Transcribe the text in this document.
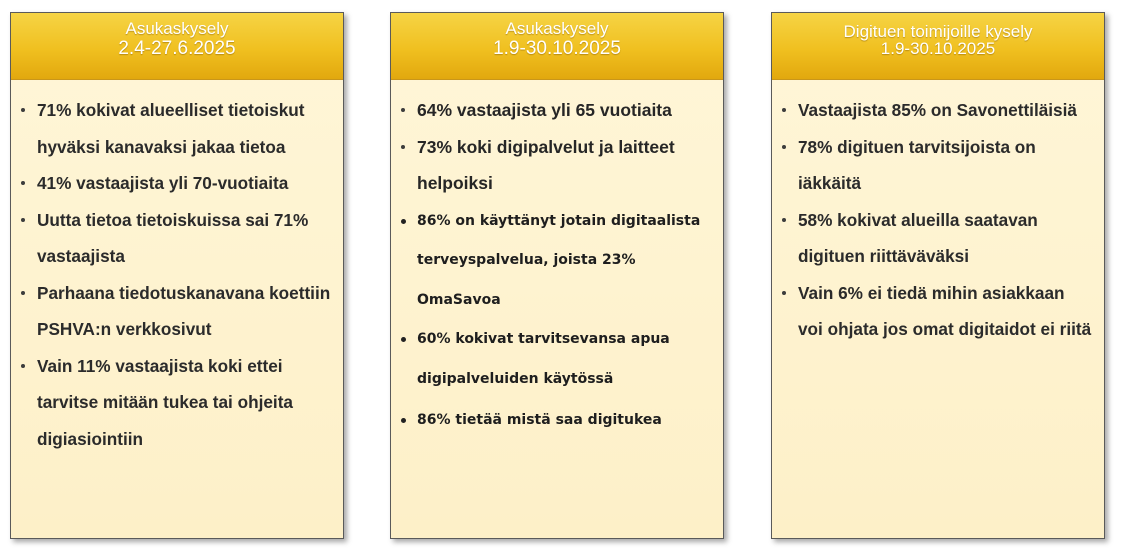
Asukaskysely
2.4-27.6.2025
71% kokivat alueelliset tietoiskut hyväksi kanavaksi jakaa tietoa
41% vastaajista yli 70-vuotiaita
Uutta tietoa tietoiskuissa sai 71% vastaajista
Parhaana tiedotuskanavana koettiin PSHVA:n verkkosivut
Vain 11% vastaajista koki ettei tarvitse mitään tukea tai ohjeita digiasiointiin
Asukaskysely
1.9-30.10.2025
64% vastaajista yli 65 vuotiaita
73% koki digipalvelut ja laitteet helpoiksi
86% on käyttänyt jotain digitaalista terveyspalvelua, joista 23% OmaSavoa
60% kokivat tarvitsevansa apua digipalveluiden käytössä
86% tietää mistä saa digitukea
Digituen toimijoille kysely
1.9-30.10.2025
Vastaajista 85% on Savonettiläisiä
78% digituen tarvitsijoista on iäkkäitä
58% kokivat alueilla saatavan digituen riittäväväksi
Vain 6% ei tiedä mihin asiakkaan voi ohjata jos omat digitaidot ei riitä
